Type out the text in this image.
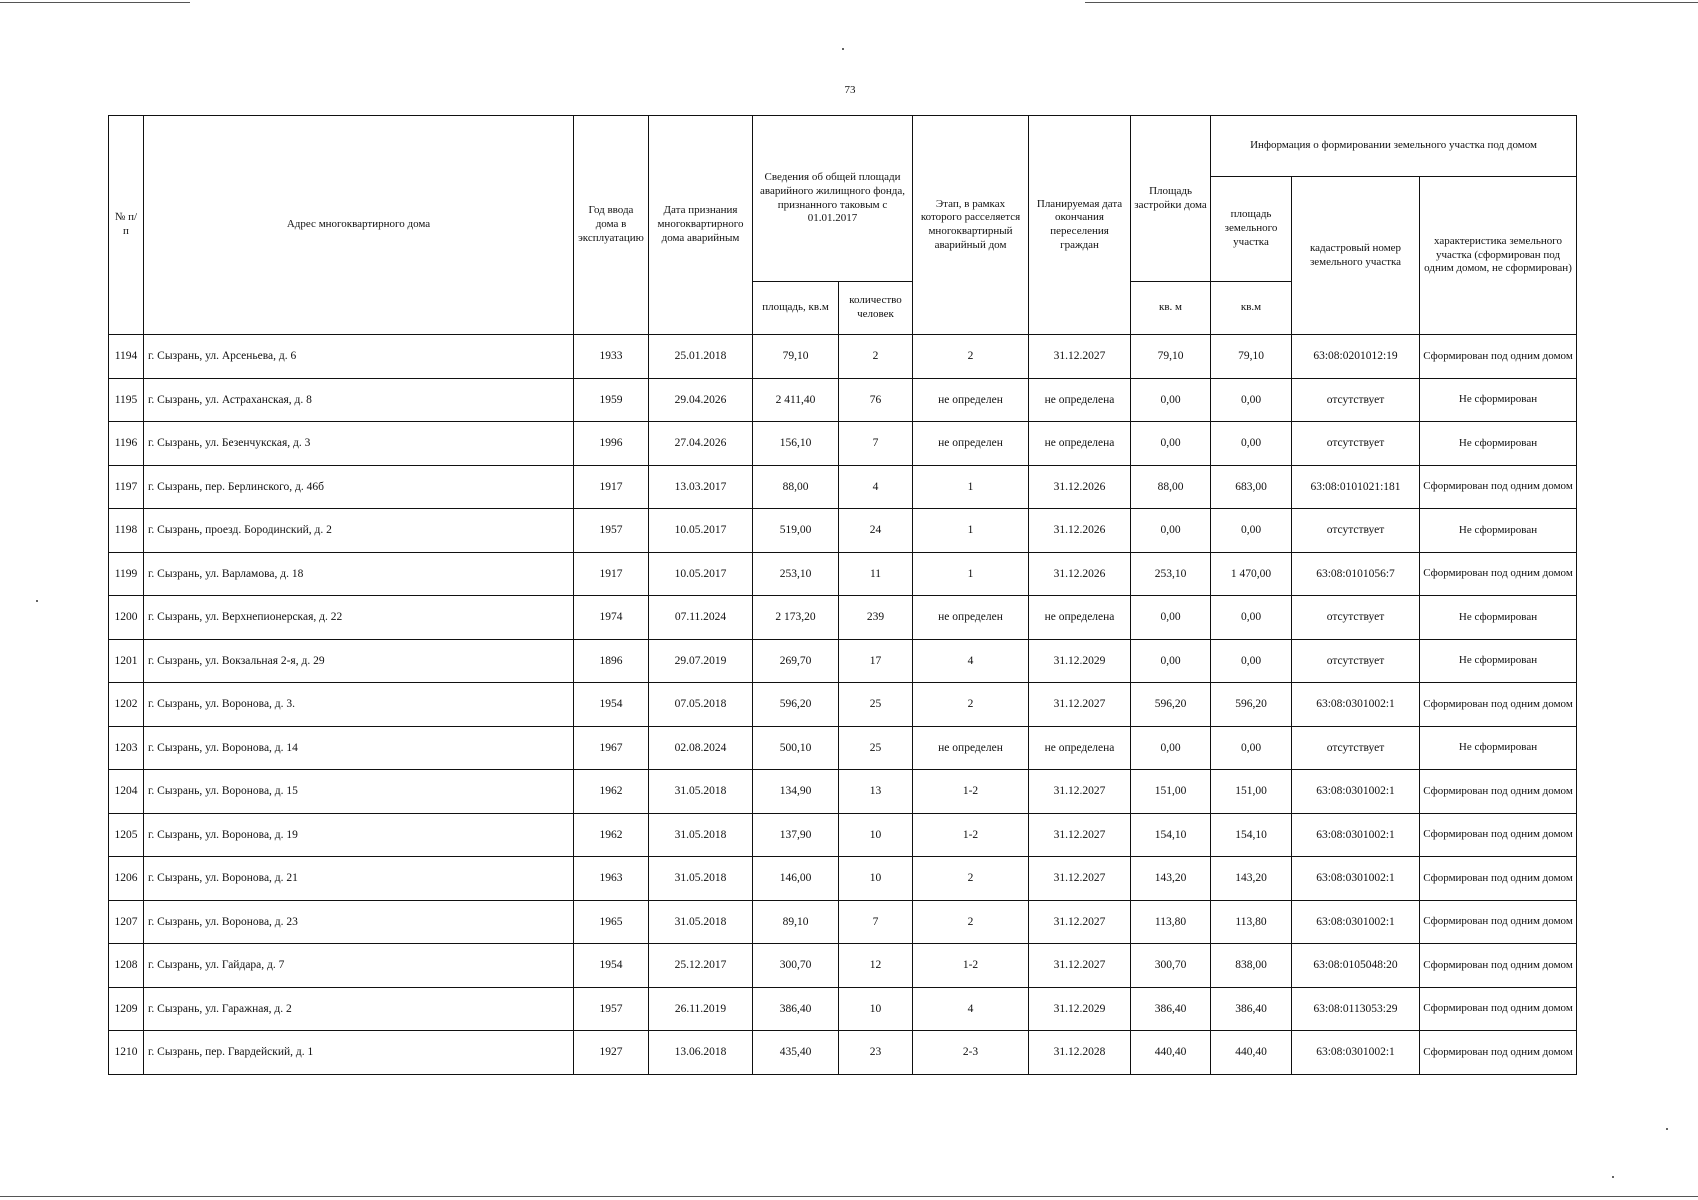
73
№ п/п	Адрес многоквартирного дома	Год ввода дома в эксплуатацию	Дата признания многоквартирного дома аварийным	Сведения об общей площади аварийного жилищного фонда, признанного таковым с 01.01.2017		Этап, в рамках которого расселяется многоквартирный аварийный дом	Планируемая дата окончания переселения граждан	Площадь застройки дома	Информация о формировании земельного участка под домом		
									площадь земельного участка	кадастровый номер земельного участка	характеристика земельного участка (сформирован под одним домом, не сформирован)
				площадь, кв.м	количество человек			кв. м	кв.м		
1194	г. Сызрань, ул. Арсеньева, д. 6	1933	25.01.2018	79,10	2	2	31.12.2027	79,10	79,10	63:08:0201012:19	Сформирован под одним домом
1195	г. Сызрань, ул. Астраханская, д. 8	1959	29.04.2026	2 411,40	76	не определен	не определена	0,00	0,00	отсутствует	Не сформирован
1196	г. Сызрань, ул. Безенчукская, д. 3	1996	27.04.2026	156,10	7	не определен	не определена	0,00	0,00	отсутствует	Не сформирован
1197	г. Сызрань, пер. Берлинского, д. 46б	1917	13.03.2017	88,00	4	1	31.12.2026	88,00	683,00	63:08:0101021:181	Сформирован под одним домом
1198	г. Сызрань, проезд. Бородинский, д. 2	1957	10.05.2017	519,00	24	1	31.12.2026	0,00	0,00	отсутствует	Не сформирован
1199	г. Сызрань, ул. Варламова, д. 18	1917	10.05.2017	253,10	11	1	31.12.2026	253,10	1 470,00	63:08:0101056:7	Сформирован под одним домом
1200	г. Сызрань, ул. Верхнепионерская, д. 22	1974	07.11.2024	2 173,20	239	не определен	не определена	0,00	0,00	отсутствует	Не сформирован
1201	г. Сызрань, ул. Вокзальная 2-я, д. 29	1896	29.07.2019	269,70	17	4	31.12.2029	0,00	0,00	отсутствует	Не сформирован
1202	г. Сызрань, ул. Воронова, д. 3.	1954	07.05.2018	596,20	25	2	31.12.2027	596,20	596,20	63:08:0301002:1	Сформирован под одним домом
1203	г. Сызрань, ул. Воронова, д. 14	1967	02.08.2024	500,10	25	не определен	не определена	0,00	0,00	отсутствует	Не сформирован
1204	г. Сызрань, ул. Воронова, д. 15	1962	31.05.2018	134,90	13	1-2	31.12.2027	151,00	151,00	63:08:0301002:1	Сформирован под одним домом
1205	г. Сызрань, ул. Воронова, д. 19	1962	31.05.2018	137,90	10	1-2	31.12.2027	154,10	154,10	63:08:0301002:1	Сформирован под одним домом
1206	г. Сызрань, ул. Воронова, д. 21	1963	31.05.2018	146,00	10	2	31.12.2027	143,20	143,20	63:08:0301002:1	Сформирован под одним домом
1207	г. Сызрань, ул. Воронова, д. 23	1965	31.05.2018	89,10	7	2	31.12.2027	113,80	113,80	63:08:0301002:1	Сформирован под одним домом
1208	г. Сызрань, ул. Гайдара, д. 7	1954	25.12.2017	300,70	12	1-2	31.12.2027	300,70	838,00	63:08:0105048:20	Сформирован под одним домом
1209	г. Сызрань, ул. Гаражная, д. 2	1957	26.11.2019	386,40	10	4	31.12.2029	386,40	386,40	63:08:0113053:29	Сформирован под одним домом
1210	г. Сызрань, пер. Гвардейский, д. 1	1927	13.06.2018	435,40	23	2-3	31.12.2028	440,40	440,40	63:08:0301002:1	Сформирован под одним домом
